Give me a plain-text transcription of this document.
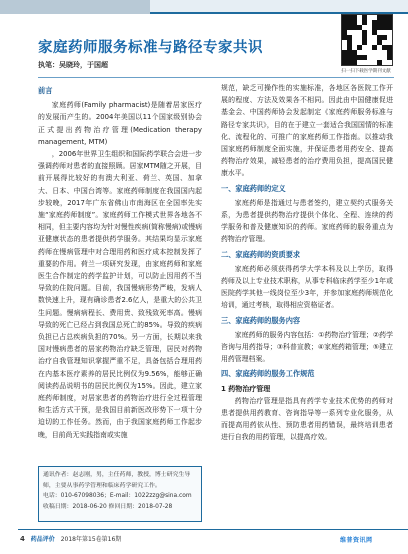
家庭药师服务标准与路径专家共识
扫一扫下载医学期刊文献
执笔：吴晓玲，于国超

前言

家庭药师(Family pharmacist)是随着居家医疗的发展而产生的。2004年美国以11个国家级别协会正式提出药物治疗管理(Medication therapy management, MTM)

，2006年世界卫生组织和国际药学联合会进一步强调药师对患者的直接照顾。居家MTM随之开展，目前开展得比较好的有澳大利亚、荷兰、英国、加拿大、日本、中国台湾等。家庭药师制度在我国国内起步较晚，2017年广东省佛山市南海区在全国率先实施“家庭药师制度”。家庭药师工作模式世界各地各不相同，但主要内容均为针对慢性疾病(简称慢病)或慢病亚健康状态的患者提供药学服务。其结果均显示家庭药师在慢病管理中对合理用药和医疗成本控制发挥了重要的作用。荷兰一项研究发现，由家庭药师和家庭医生合作制定的药学监护计划，可以防止因用药不当导致的住院问题。目前，我国慢病形势严峻，发病人数快速上升，现有确诊患者2.6亿人，是重大的公共卫生问题。慢病病程长、费用贵、致残致死率高。慢病导致的死亡已经占到我国总死亡的85%。导致的疾病负担已占总疾病负担的70%。另一方面，长期以来我国对慢病患者的居家药物治疗缺乏管理，居民对药物治疗自我管理知识掌握严重不足，具备包括合理用药在内基本医疗素养的居民比例仅为9.56%，能够正确阅读药品说明书的居民比例仅为15%。因此，建立家庭药师制度，对居家患者的药物治疗进行全过程管理和生活方式干预，是我国目前新医改形势下一项十分迫切的工作任务。然而，由于我国家庭药师工作起步晚，目前尚无实践指南或实施

规范，缺乏可操作性的实施标准，各地区各医院工作开展的程度、方法及效果各不相同。因此由中国健康促进基金会、中国药师协会发起制定《家庭药师服务标准与路径专家共识》，目的在于建立一套适合我国国情的标准化、流程化的、可推广的家庭药师工作指南。以推动我国家庭药师制度全面实施，并保证患者用药安全、提高药物治疗效果，减轻患者的治疗费用负担，提高国民健康水平。

一、家庭药师的定义

家庭药师是指通过与患者签约，建立契约式服务关系，为患者提供药物治疗提供个体化、全程、连续的药学服务和普及健康知识的药师。家庭药师的服务重点为药物治疗管理。

二、家庭药师的资质要求

家庭药师必须获得药学大学本科及以上学历，取得药师及以上专业技术职称，从事专科临床药学至少1年或医院药学其他一线岗位至少3年，并参加家庭药师规范化培训，通过考核，取得相应资格证者。

三、家庭药师的服务内容

家庭药师的服务内容包括：①药物治疗管理；②药学咨询与用药指导；③科普宣教；④家庭药箱管理；⑤建立用药管理档案。

四、家庭药师的服务工作规范

1 药物治疗管理

药物治疗管理是指具有药学专业技术优势的药师对患者提供用药教育、咨询指导等一系列专业化服务，从而提高用药依从性、预防患者用药错误，最终培训患者进行自我的用药管理，以提高疗效。

通讯作者：赵志刚，男，主任药师，教授，博士研究生导师，主要从事药学管理和临床药学研究工作。
电话：010-67098036；E-mail：1022zzg@sina.com
收稿日期：2018-06-20 修回日期：2018-07-28
4 药品评价 2018年第15卷第16期	维普资讯网
